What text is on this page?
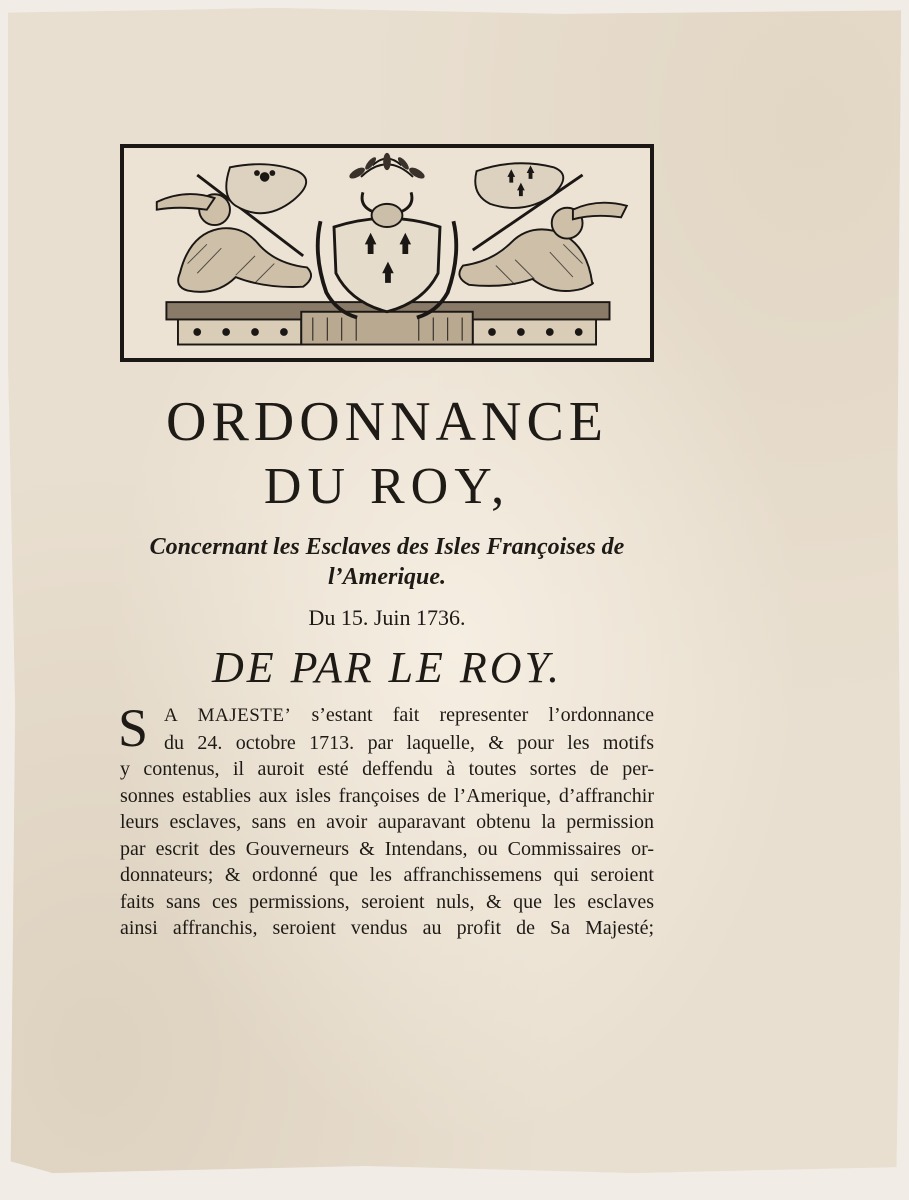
ORDONNANCE
DU ROY,

Concernant les Esclaves des Isles Françoises de l’Amerique.

Du 15. Juin 1736.

DE PAR LE ROY.

S A MAJESTE’ s’estant fait representer l’ordonnance
du 24. octobre 1713. par laquelle, & pour les motifs
y contenus, il auroit esté deffendu à toutes sortes de per-
sonnes establies aux isles françoises de l’Amerique, d’affranchir
leurs esclaves, sans en avoir auparavant obtenu la permission
par escrit des Gouverneurs & Intendans, ou Commissaires or-
donnateurs; & ordonné que les affranchissemens qui seroient
faits sans ces permissions, seroient nuls, & que les esclaves
ainsi affranchis, seroient vendus au profit de Sa Majesté;
